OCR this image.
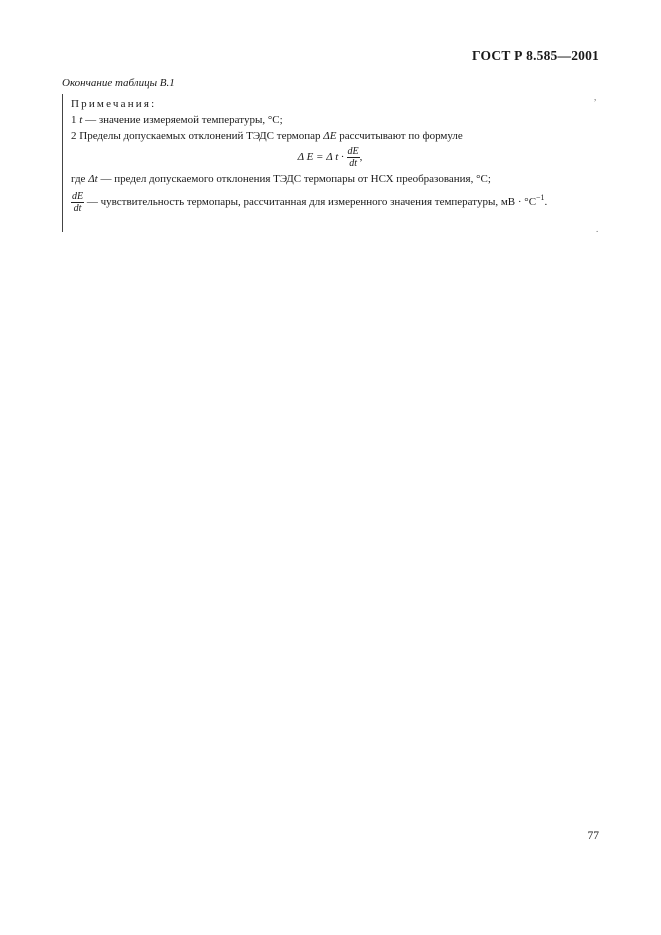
ГОСТ Р 8.585—2001
Окончание таблицы В.1
Примечания:
1 t — значение измеряемой температуры, °С;
2 Пределы допускаемых отклонений ТЭДС термопар ΔE рассчитывают по формуле
где Δt — предел допускаемого отклонения ТЭДС термопары от НСХ преобразования, °С;
$\frac{dE}{dt}$ — чувствительность термопары, рассчитанная для измеренного значения температуры, мВ · $^\circ С^{-1}$.
Δ E = Δ $t \cdot \frac{dE}{dt}$ ,
,
.
77
